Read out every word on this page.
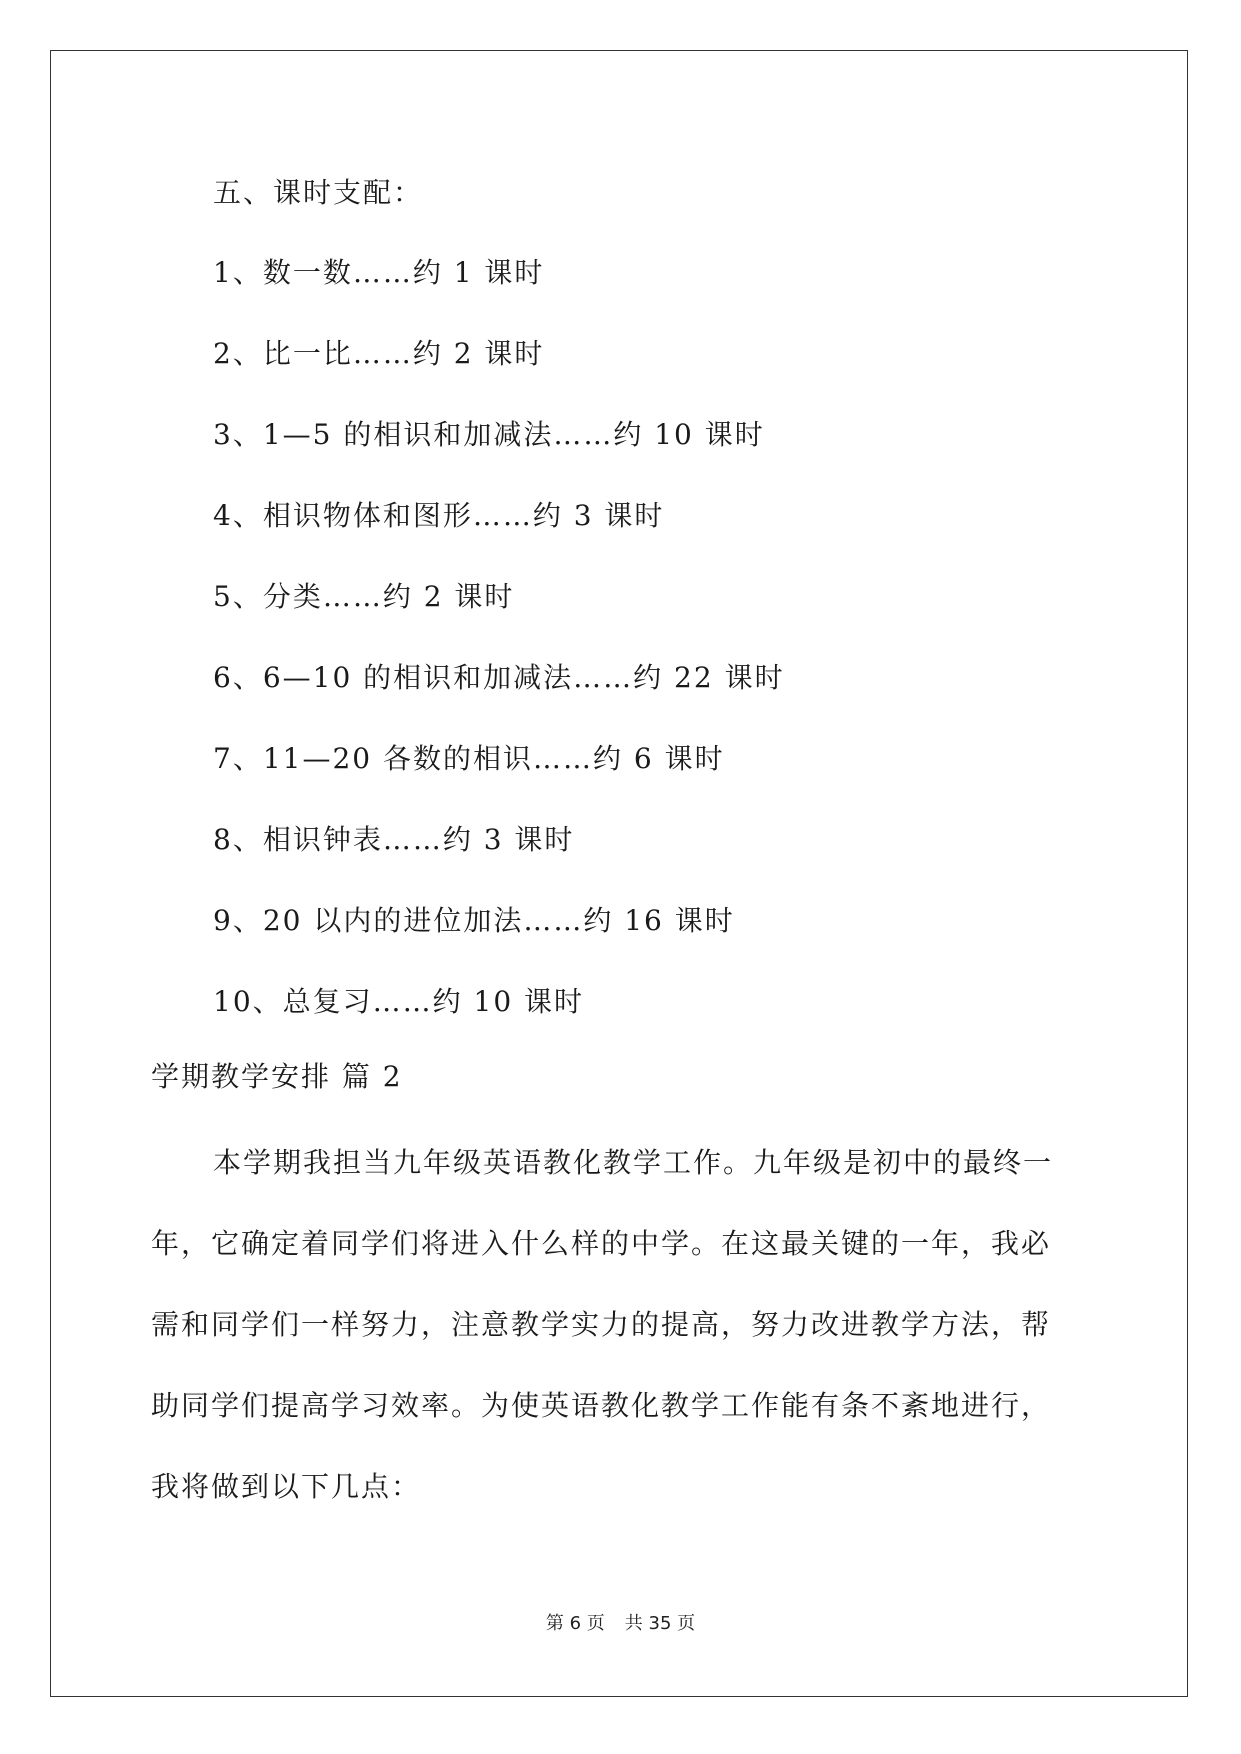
五、课时支配：
1、数一数……约 1 课时
2、比一比……约 2 课时
3、1—5 的相识和加减法……约 10 课时
4、相识物体和图形……约 3 课时
5、分类……约 2 课时
6、6—10 的相识和加减法……约 22 课时
7、11—20 各数的相识……约 6 课时
8、相识钟表……约 3 课时
9、20 以内的进位加法……约 16 课时
10、总复习……约 10 课时
学期教学安排 篇 2
本学期我担当九年级英语教化教学工作。九年级是初中的最终一
年，它确定着同学们将进入什么样的中学。在这最关键的一年，我必
需和同学们一样努力，注意教学实力的提高，努力改进教学方法，帮
助同学们提高学习效率。为使英语教化教学工作能有条不紊地进行，
我将做到以下几点：
第 6 页 共 35 页
